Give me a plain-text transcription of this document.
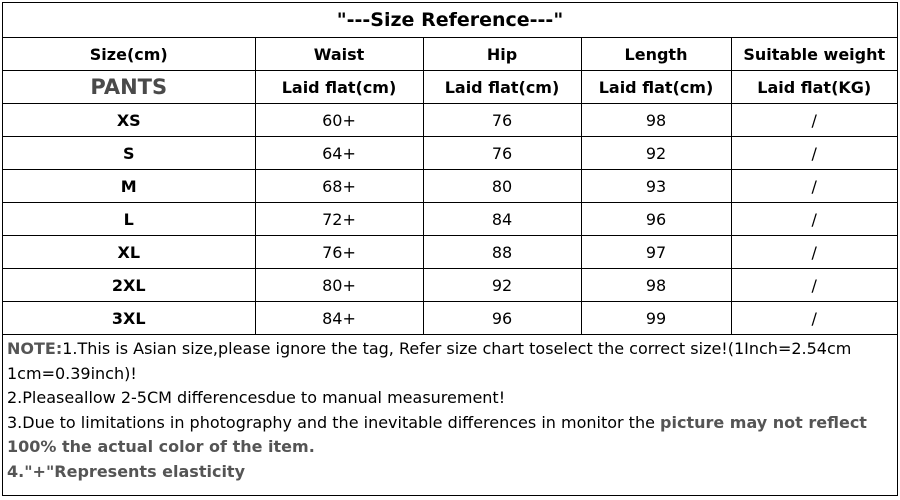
"---Size Reference---"				
Size(cm)	Waist	Hip	Length	Suitable weight
PANTS	Laid flat(cm)	Laid flat(cm)	Laid flat(cm)	Laid flat(KG)
XS	60+	76	98	/
S	64+	76	92	/
M	68+	80	93	/
L	72+	84	96	/
XL	76+	88	97	/
2XL	80+	92	98	/
3XL	84+	96	99	/
NOTE:1.This is Asian size,please ignore the tag, Refer size chart toselect the correct size!(1Inch=2.54cm 1cm=0.39inch)!
2.Pleaseallow 2-5CM differencesdue to manual measurement!
3.Due to limitations in photography and the inevitable differences in monitor the picture may not reflect 100% the actual color of the item.
4."+"Represents elasticity
